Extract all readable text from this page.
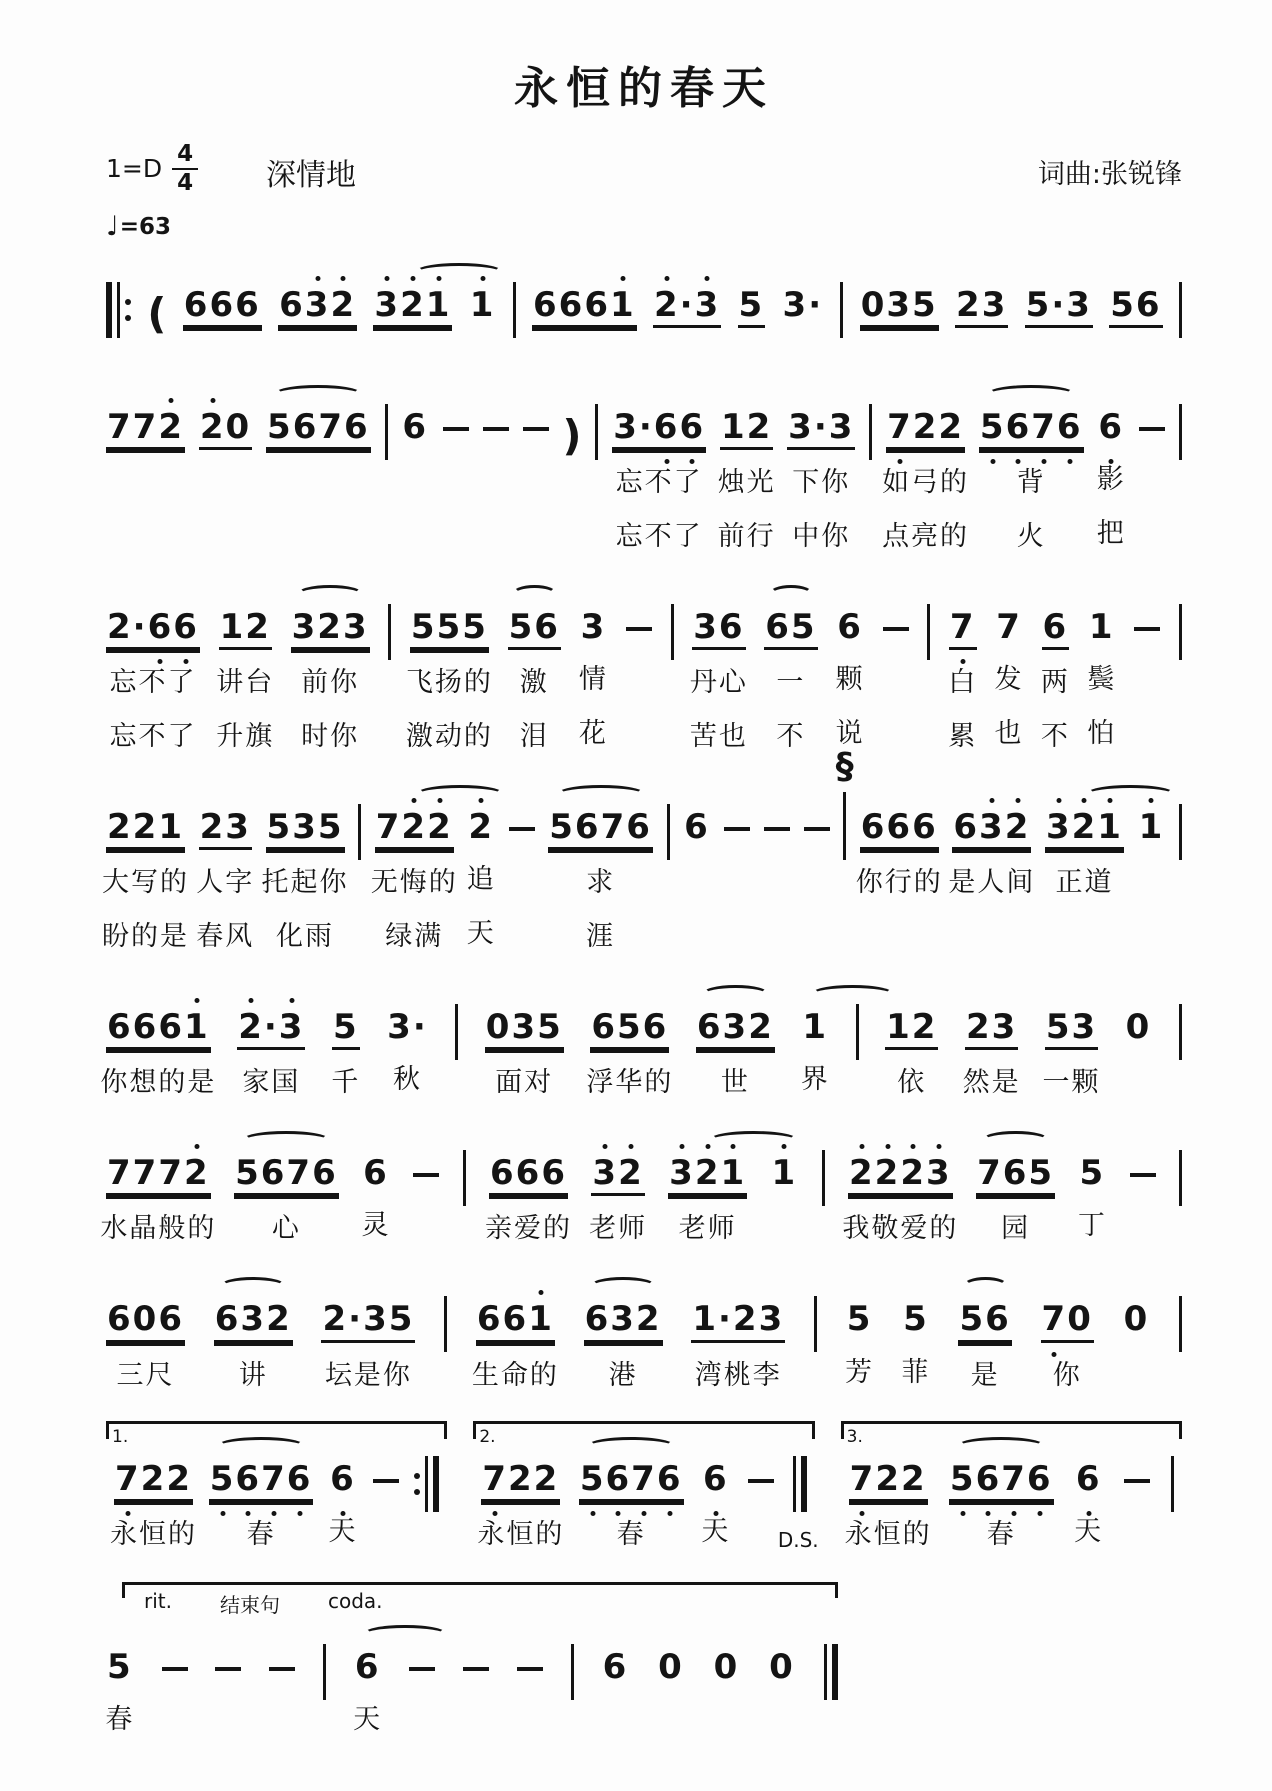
永恒的春天
$1=D \frac{4}{4}$ 深情地	词曲:张锐锋
♩ =63
( 666 632 321 1 6661 2·3 5 3· 035 23 5·3 56
772 20 5676 6	) 3·66
忘不了
忘不了
12
烛光
前行
3·3
下你
中你
722
如弓的
点亮的
5676
背
火
6
影
把
2·66
忘不了
忘不了
12
讲台
升旗
323
前你
时你
555
飞扬的
激动的
56
激
泪
3
情
花
36
丹心
苦也
65
一
不
6
颗
说
7
白
累
7
发
也
6
两
不
1
鬓
怕
221
大写的
盼的是
23
人字
春风
535
托起你
化雨
722
无悔的
绿满
2
追
天
5676
求
涯
6
§
666
你行的
632
是人间
321
正道
1
6661
你想的是
2·3
家国
5
千
3·
秋
035
面对
656
浮华的
632
世
1
界
12
依
23
然是
53
一颗
0
7772
水晶般的
5676
心
6
灵
666
亲爱的
32
老师
321
老师
1 2223
我敬爱的
765
园
5
丁
606
三尺
632
讲
2·35
坛是你
661
生命的
632
港
1·23
湾桃李
5
芳
5
菲
56
是
70
你
0
1.
722
永恒的
5676
春
6
天
2.
722
永恒的
5676
春
6
天 D.S.
3.
722
永恒的
5676
春
6
天
rit. 结束句 coda.
5
春
6
天
6 0 0 0
